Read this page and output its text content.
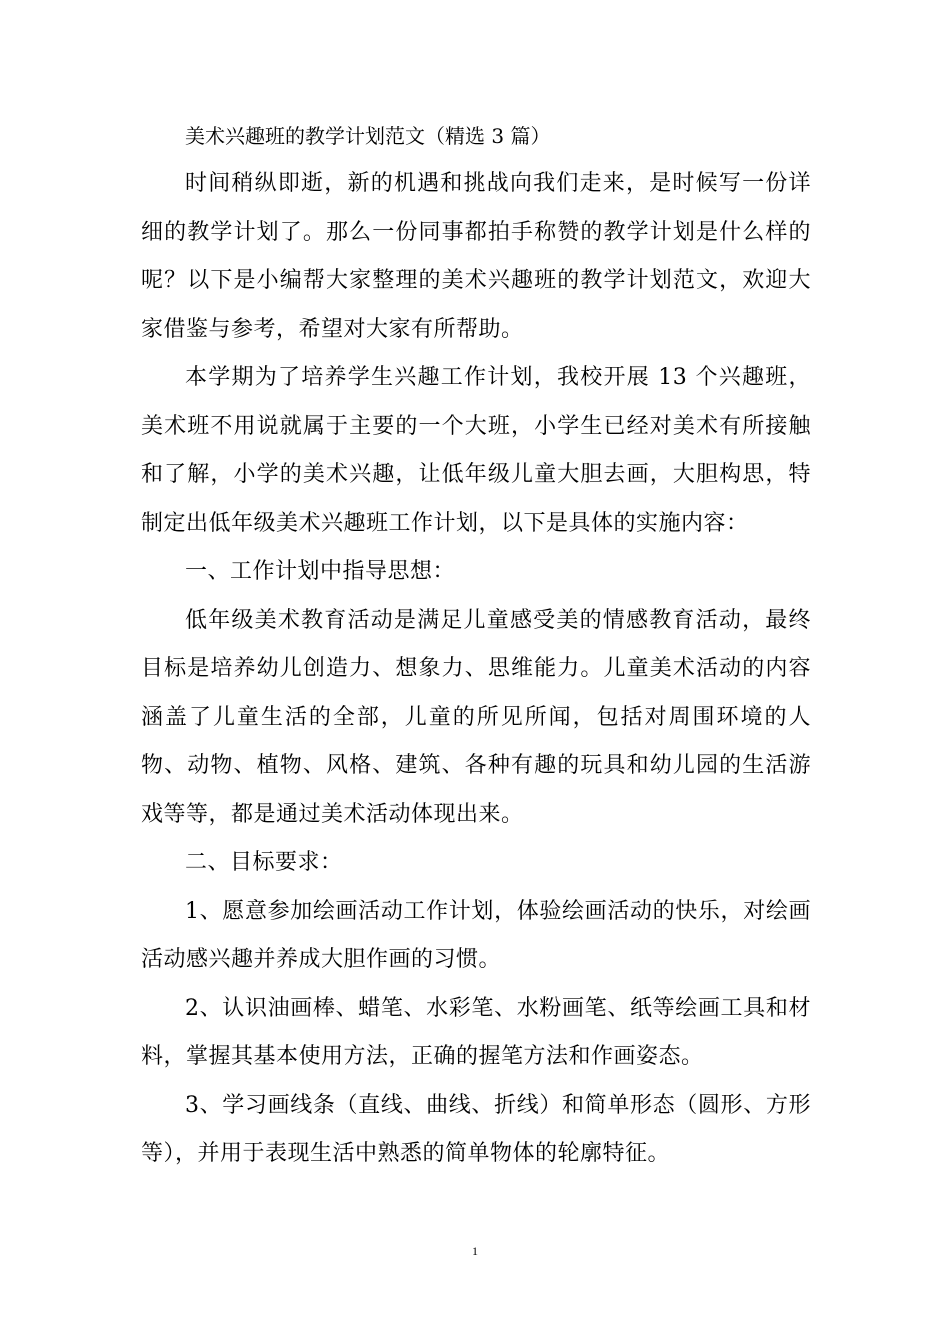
美术兴趣班的教学计划范文（精选 3 篇）

时间稍纵即逝，新的机遇和挑战向我们走来，是时候写一份详细的教学计划了。那么一份同事都拍手称赞的教学计划是什么样的呢？以下是小编帮大家整理的美术兴趣班的教学计划范文，欢迎大家借鉴与参考，希望对大家有所帮助。

本学期为了培养学生兴趣工作计划，我校开展 13 个兴趣班，美术班不用说就属于主要的一个大班，小学生已经对美术有所接触和了解，小学的美术兴趣，让低年级儿童大胆去画，大胆构思，特制定出低年级美术兴趣班工作计划，以下是具体的实施内容：

一、工作计划中指导思想：

低年级美术教育活动是满足儿童感受美的情感教育活动，最终目标是培养幼儿创造力、想象力、思维能力。儿童美术活动的内容涵盖了儿童生活的全部，儿童的所见所闻，包括对周围环境的人物、动物、植物、风格、建筑、各种有趣的玩具和幼儿园的生活游戏等等，都是通过美术活动体现出来。

二、目标要求：

1、愿意参加绘画活动工作计划，体验绘画活动的快乐，对绘画活动感兴趣并养成大胆作画的习惯。

2、认识油画棒、蜡笔、水彩笔、水粉画笔、纸等绘画工具和材料，掌握其基本使用方法，正确的握笔方法和作画姿态。

3、学习画线条（直线、曲线、折线）和简单形态（圆形、方形等），并用于表现生活中熟悉的简单物体的轮廓特征。

1
